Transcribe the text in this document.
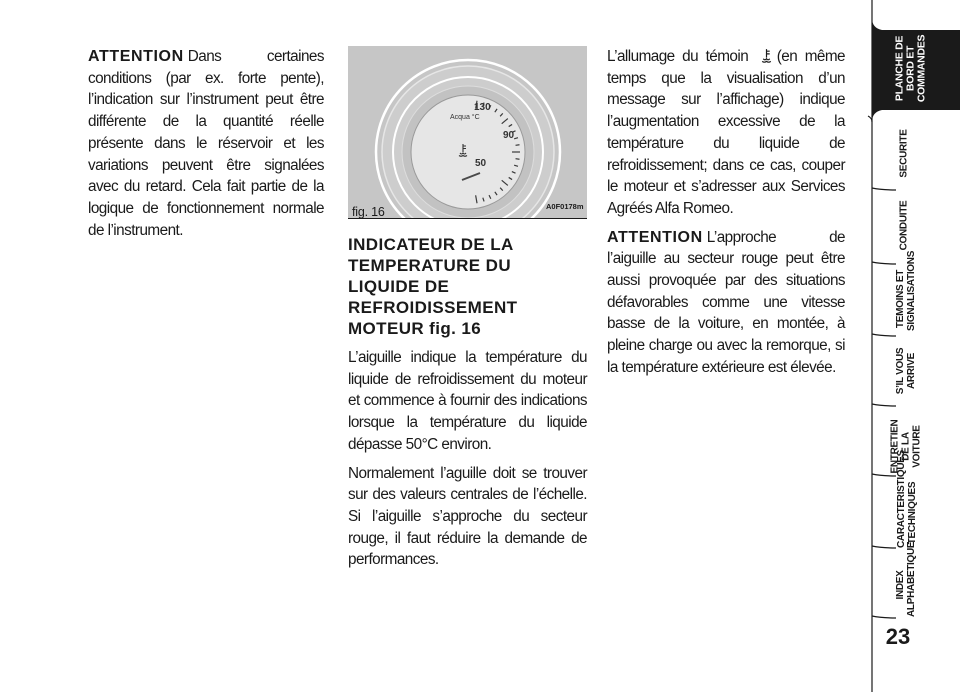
ATTENTION Dans certaines conditions (par ex. forte pente), l’indication sur l’instrument peut être différente de la quantité réelle présente dans le réservoir et les variations peuvent être signalées avec du retard. Cela fait partie de la logique de fonctionnement normale de l’instrument.

130
Acqua °C
90
50
fig. 16	A0F0178m
INDICATEUR DE LA TEMPERATURE DU LIQUIDE DE REFROIDISSEMENT MOTEUR fig. 16

L’aiguille indique la température du liquide de refroidissement du moteur et commence à fournir des indications lorsque la température du liquide dépasse 50°C environ.

Normalement l’aguille doit se trouver sur des valeurs centrales de l’échelle. Si l’aiguille s’approche du secteur rouge, il faut réduire la demande de performances.

L’allumage du témoin (en même temps que la visualisation d’un message sur l’affichage) indique l’augmentation excessive de la température du liquide de refroidissement; dans ce cas, couper le moteur et s’adresser aux Services Agréés Alfa Romeo.

ATTENTION L’approche de l’aiguille au secteur rouge peut être aussi provoquée par des situations défavorables comme une vitesse basse de la voiture, en montée, à pleine charge ou avec la remorque, si la température extérieure est élevée.

PLANCHE DE BORD ET COMMANDES
SECURITE
CONDUITE
TEMOINS ET SIGNALISATIONS
S’IL VOUS ARRIVE
ENTRETIEN DE LA VOITURE
CARACTERISTIQUES TECHNIQUES
INDEX ALPHABETIQUE
23
